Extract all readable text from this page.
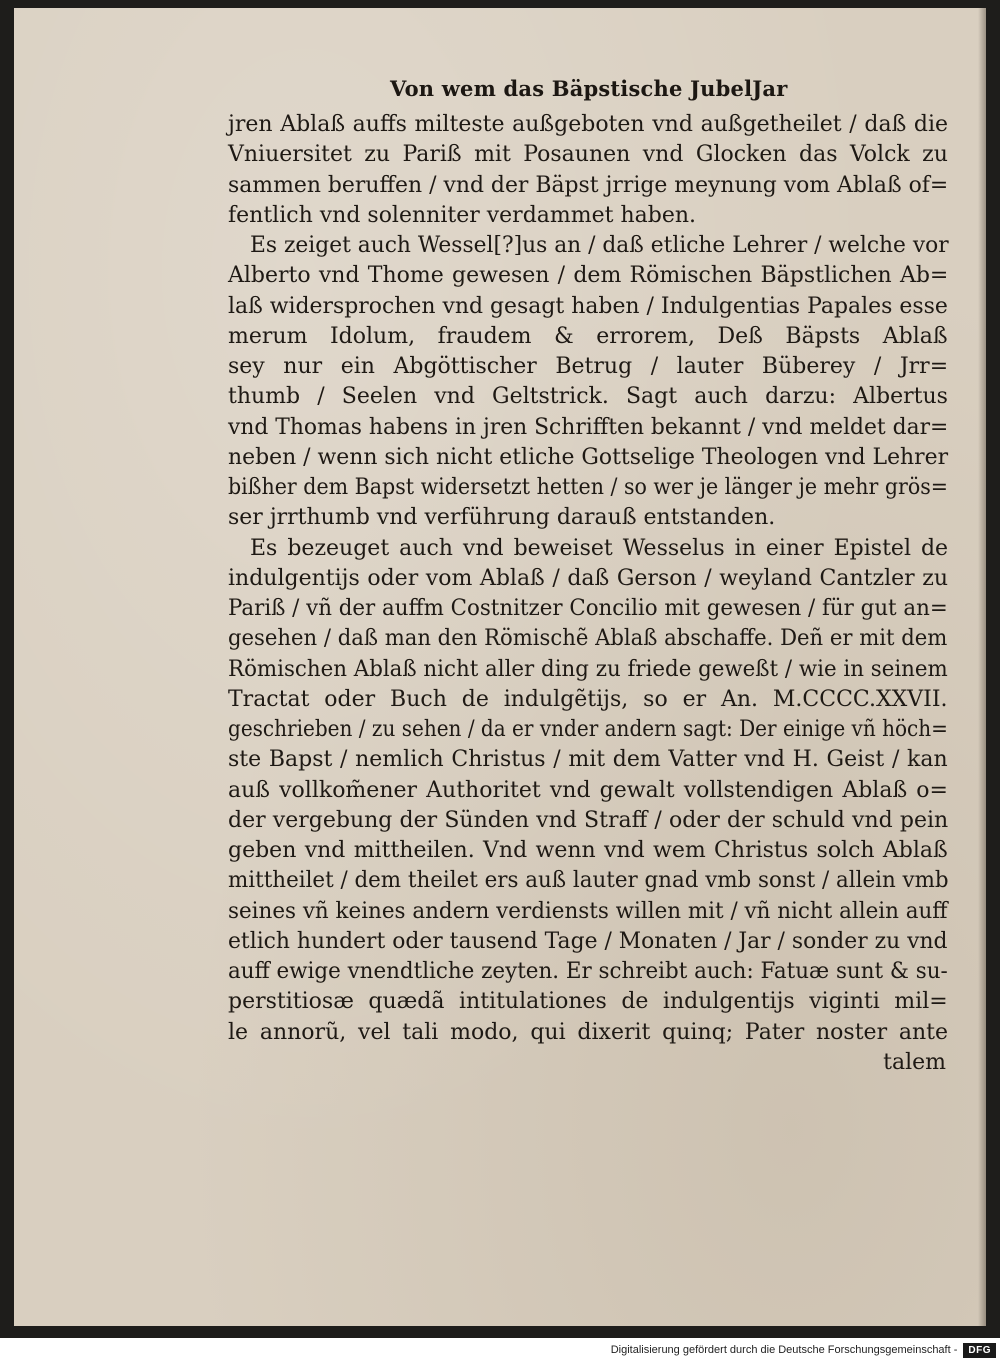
Von wem das Bäpstische JubelJar
jren Ablaß auffs milteste außgeboten vnd außgetheilet / daß die
Vniuersitet zu Pariß mit Posaunen vnd Glocken das Volck zu
sammen beruffen / vnd der Bäpst jrrige meynung vom Ablaß of=
fentlich vnd solenniter verdammet haben.
Es zeiget auch Wessel[?]us an / daß etliche Lehrer / welche vor
Alberto vnd Thome gewesen / dem Römischen Bäpstlichen Ab=
laß widersprochen vnd gesagt haben / Indulgentias Papales esse
merum Idolum, fraudem & errorem, Deß Bäpsts Ablaß
sey nur ein Abgöttischer Betrug / lauter Büberey / Jrr=
thumb / Seelen vnd Geltstrick. Sagt auch darzu: Albertus
vnd Thomas habens in jren Schrifften bekannt / vnd meldet dar=
neben / wenn sich nicht etliche Gottselige Theologen vnd Lehrer
bißher dem Bapst widersetzt hetten / so wer je länger je mehr grös=
ser jrrthumb vnd verführung darauß entstanden.
Es bezeuget auch vnd beweiset Wesselus in einer Epistel de
indulgentijs oder vom Ablaß / daß Gerson / weyland Cantzler zu
Pariß / vñ der auffm Costnitzer Concilio mit gewesen / für gut an=
gesehen / daß man den Römischẽ Ablaß abschaffe. Deñ er mit dem
Römischen Ablaß nicht aller ding zu friede geweßt / wie in seinem
Tractat oder Buch de indulgẽtijs, so er An. M.CCCC.XXVII.
geschrieben / zu sehen / da er vnder andern sagt: Der einige vñ höch=
ste Bapst / nemlich Christus / mit dem Vatter vnd H. Geist / kan
auß vollkom̃ener Authoritet vnd gewalt vollstendigen Ablaß o=
der vergebung der Sünden vnd Straff / oder der schuld vnd pein
geben vnd mittheilen. Vnd wenn vnd wem Christus solch Ablaß
mittheilet / dem theilet ers auß lauter gnad vmb sonst / allein vmb
seines vñ keines andern verdiensts willen mit / vñ nicht allein auff
etlich hundert oder tausend Tage / Monaten / Jar / sonder zu vnd
auff ewige vnendtliche zeyten. Er schreibt auch: Fatuæ sunt & su-
perstitiosæ quædã intitulationes de indulgentijs viginti mil=
le annorũ, vel tali modo, qui dixerit quinq; Pater noster ante
talem
Digitalisierung gefördert durch die Deutsche Forschungsgemeinschaft -	DFG
